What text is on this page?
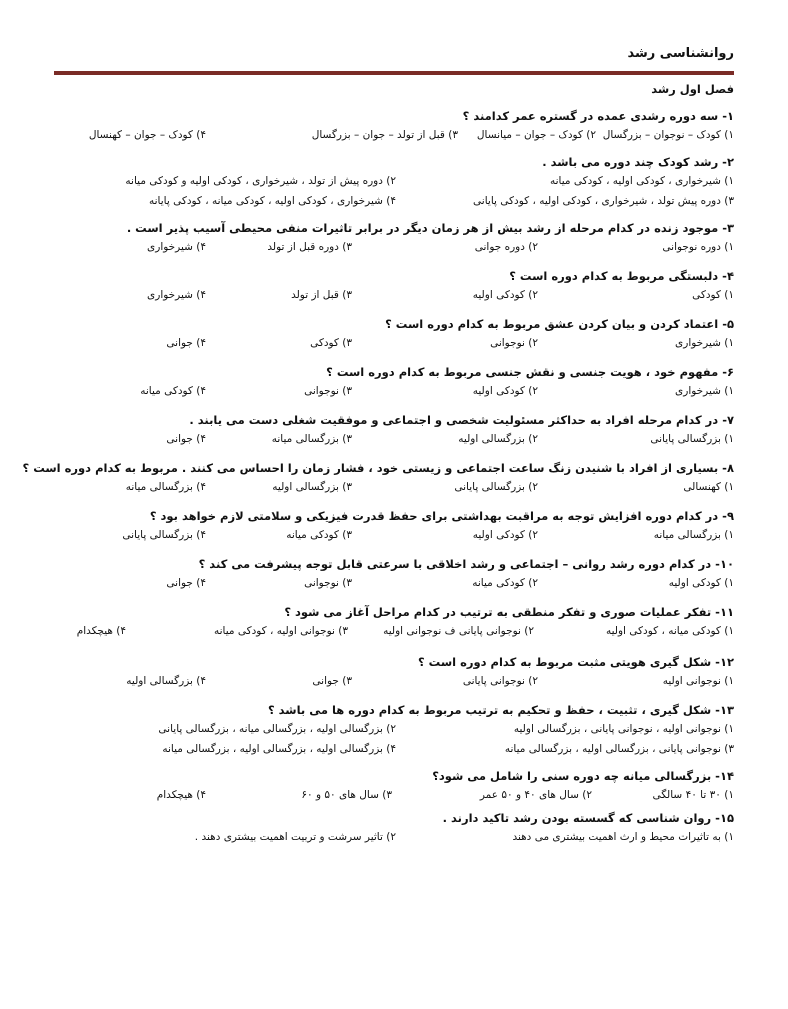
روانشناسی رشد
فصل اول رشد
۱- سه دوره رشدی عمده در گستره عمر کدامند ؟
۱) کودک – نوجوان – بزرگسال
۲) کودک – جوان – میانسال
۳) قبل از تولد – جوان – بزرگسال
۴) کودک – جوان – کهنسال
۲- رشد کودک چند دوره می باشد .
۱) شیرخواری ، کودکی اولیه ، کودکی میانه
۲) دوره پیش از تولد ، شیرخواری ، کودکی اولیه و کودکی میانه
۳) دوره پیش تولد ، شیرخواری ، کودکی اولیه ، کودکی پایانی
۴) شیرخواری ، کودکی اولیه ، کودکی میانه ، کودکی پایانه
۳- موجود زنده در کدام مرحله از رشد بیش از هر زمان دیگر در برابر تاثیرات منفی محیطی آسیب پذیر است .
۱) دوره نوجوانی
۲) دوره جوانی
۳) دوره قبل از تولد
۴) شیرخواری
۴- دلبستگی مربوط به کدام دوره است ؟
۱) کودکی
۲) کودکی اولیه
۳) قبل از تولد
۴) شیرخواری
۵- اعتماد کردن و بیان کردن عشق مربوط به کدام دوره است ؟
۱) شیرخواری
۲) نوجوانی
۳) کودکی
۴) جوانی
۶- مفهوم خود ، هویت جنسی و نقش جنسی مربوط به کدام دوره است ؟
۱) شیرخواری
۲) کودکی اولیه
۳) نوجوانی
۴) کودکی میانه
۷- در کدام مرحله افراد به حداکثر مسئولیت شخصی و اجتماعی و موفقیت شغلی دست می یابند .
۱) بزرگسالی پایانی
۲) بزرگسالی اولیه
۳) بزرگسالی میانه
۴) جوانی
۸- بسیاری از افراد با شنیدن زنگ ساعت اجتماعی و زیستی خود ، فشار زمان را احساس می کنند . مربوط به کدام دوره است ؟
۱) کهنسالی
۲) بزرگسالی پایانی
۳) بزرگسالی اولیه
۴) بزرگسالی میانه
۹- در کدام دوره افزایش توجه به مراقبت بهداشتی برای حفظ قدرت فیزیکی و سلامتی لازم خواهد بود ؟
۱) بزرگسالی میانه
۲) کودکی اولیه
۳) کودکی میانه
۴) بزرگسالی پایانی
۱۰- در کدام دوره رشد روانی – اجتماعی و رشد اخلاقی با سرعتی قابل توجه پیشرفت می کند ؟
۱) کودکی اولیه
۲) کودکی میانه
۳) نوجوانی
۴) جوانی
۱۱- تفکر عملیات صوری و تفکر منطقی به ترتیب در کدام مراحل آغاز می شود ؟
۱) کودکی میانه ، کودکی اولیه
۲) نوجوانی پایانی ف نوجوانی اولیه
۳) نوجوانی اولیه ، کودکی میانه
۴) هیچکدام
۱۲- شکل گیری هویتی مثبت مربوط به کدام دوره است ؟
۱) نوجوانی اولیه
۲) نوجوانی پایانی
۳) جوانی
۴) بزرگسالی اولیه
۱۳- شکل گیری ، تثبیت ، حفظ و تحکیم به ترتیب مربوط به کدام دوره ها می باشد ؟
۱) نوجوانی اولیه ، نوجوانی پایانی ، بزرگسالی اولیه
۲) بزرگسالی اولیه ، بزرگسالی میانه ، بزرگسالی پایانی
۳) نوجوانی پایانی ، بزرگسالی اولیه ، بزرگسالی میانه
۴) بزرگسالی اولیه ، بزرگسالی اولیه ، بزرگسالی میانه
۱۴- بزرگسالی میانه چه دوره سنی را شامل می شود؟
۱) ۳۰ تا ۴۰ سالگی
۲) سال های ۴۰ و ۵۰ عمر
۳) سال های ۵۰ و ۶۰
۴) هیچکدام
۱۵- روان شناسی که گسسته بودن رشد تاکید دارند .
۱) به تاثیرات محیط و ارث اهمیت بیشتری می دهند
۲) تاثیر سرشت و تربیت اهمیت بیشتری دهند .
